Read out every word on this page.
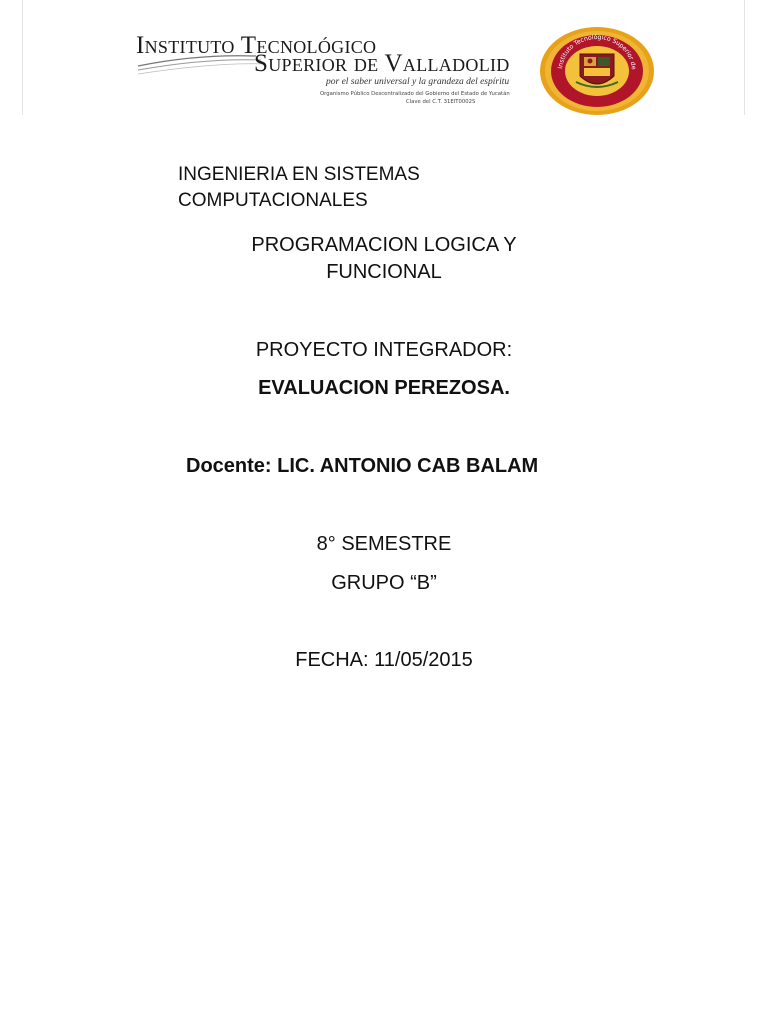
Instituto Tecnológico
Superior de Valladolid
por el saber universal y la grandeza del espíritu
Organismo Público Descentralizado del Gobierno del Estado de Yucatán
Clave del C.T. 31EIT0002S
Instituto Tecnológico Superior de
INGENIERIA EN SISTEMAS
COMPUTACIONALES
PROGRAMACION LOGICA Y
FUNCIONAL
PROYECTO INTEGRADOR:
EVALUACION PEREZOSA.
Docente: LIC. ANTONIO CAB BALAM
8° SEMESTRE
GRUPO “B”
FECHA: 11/05/2015
